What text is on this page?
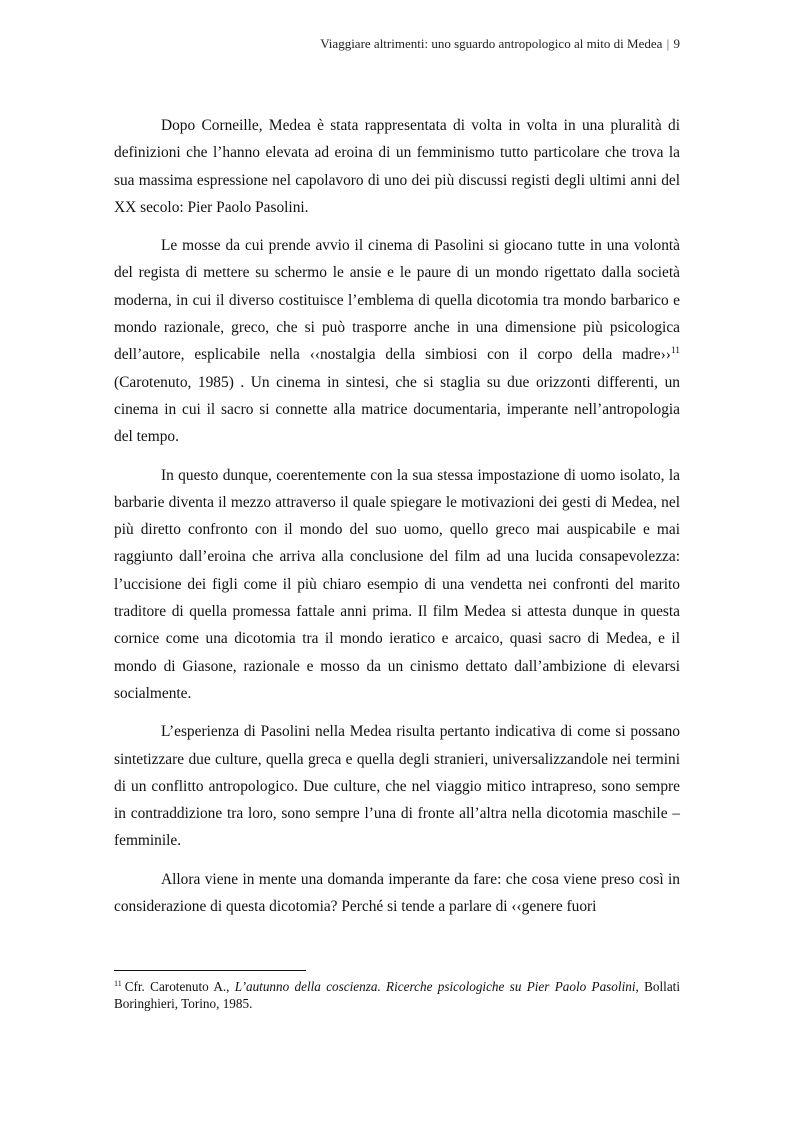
Viaggiare altrimenti: uno sguardo antropologico al mito di Medea | 9

Dopo Corneille, Medea è stata rappresentata di volta in volta in una pluralità di definizioni che l’hanno elevata ad eroina di un femminismo tutto particolare che trova la sua massima espressione nel capolavoro di uno dei più discussi registi degli ultimi anni del XX secolo: Pier Paolo Pasolini.

Le mosse da cui prende avvio il cinema di Pasolini si giocano tutte in una volontà del regista di mettere su schermo le ansie e le paure di un mondo rigettato dalla società moderna, in cui il diverso costituisce l’emblema di quella dicotomia tra mondo barbarico e mondo razionale, greco, che si può trasporre anche in una dimensione più psicologica dell’autore, esplicabile nella ‹‹nostalgia della simbiosi con il corpo della madre››$^{11}$ (Carotenuto, 1985) . Un cinema in sintesi, che si staglia su due orizzonti differenti, un cinema in cui il sacro si connette alla matrice documentaria, imperante nell’antropologia del tempo.

In questo dunque, coerentemente con la sua stessa impostazione di uomo isolato, la barbarie diventa il mezzo attraverso il quale spiegare le motivazioni dei gesti di Medea, nel più diretto confronto con il mondo del suo uomo, quello greco mai auspicabile e mai raggiunto dall’eroina che arriva alla conclusione del film ad una lucida consapevolezza: l’uccisione dei figli come il più chiaro esempio di una vendetta nei confronti del marito traditore di quella promessa fattale anni prima. Il film Medea si attesta dunque in questa cornice come una dicotomia tra il mondo ieratico e arcaico, quasi sacro di Medea, e il mondo di Giasone, razionale e mosso da un cinismo dettato dall’ambizione di elevarsi socialmente.

L’esperienza di Pasolini nella Medea risulta pertanto indicativa di come si possano sintetizzare due culture, quella greca e quella degli stranieri, universalizzandole nei termini di un conflitto antropologico. Due culture, che nel viaggio mitico intrapreso, sono sempre in contraddizione tra loro, sono sempre l’una di fronte all’altra nella dicotomia maschile – femminile.

Allora viene in mente una domanda imperante da fare: che cosa viene preso così in considerazione di questa dicotomia? Perché si tende a parlare di ‹‹genere fuori

$^{11}$ Cfr. Carotenuto A., L’autunno della coscienza. Ricerche psicologiche su Pier Paolo Pasolini, Bollati Boringhieri, Torino, 1985.
